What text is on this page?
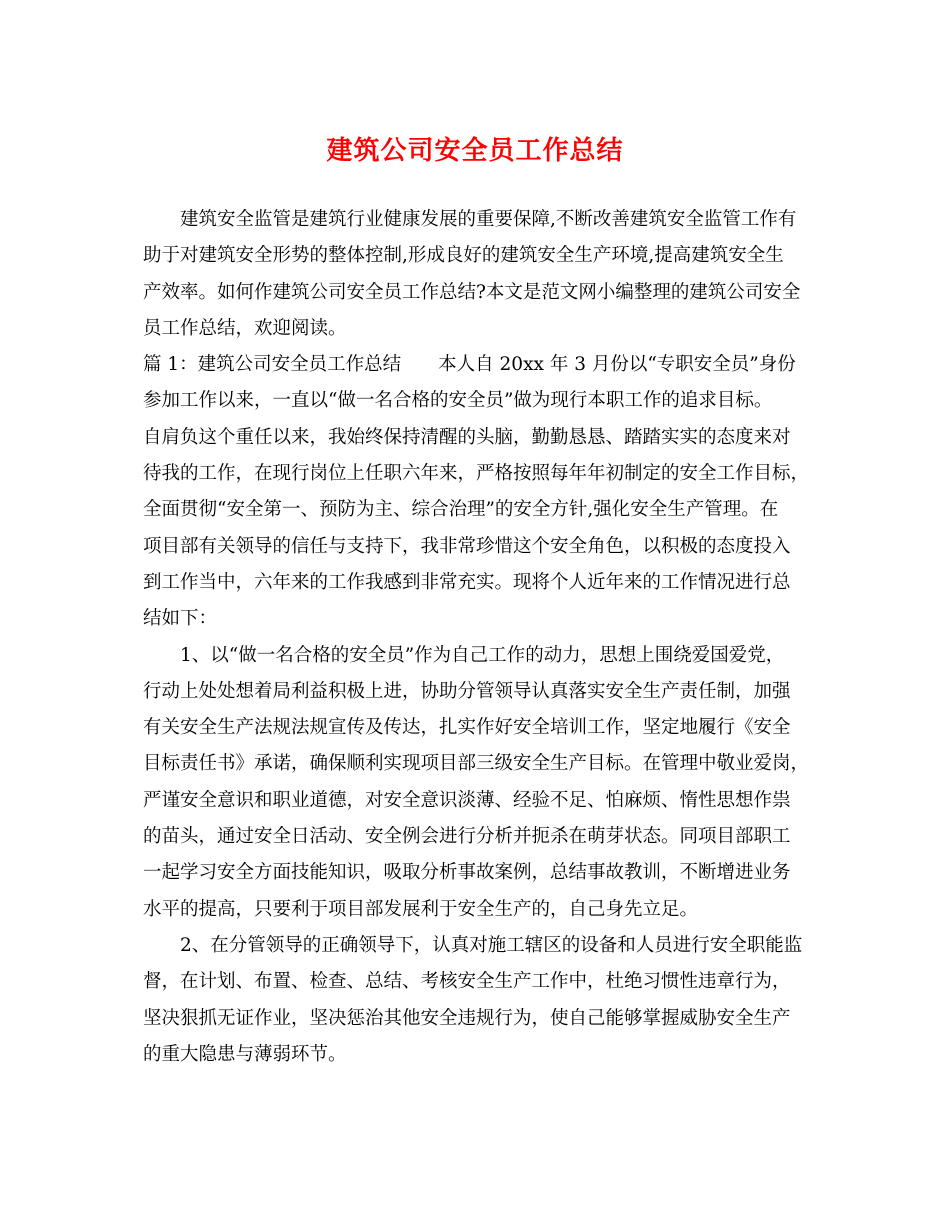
建筑公司安全员工作总结
　　建筑安全监管是建筑行业健康发展的重要保障,不断改善建筑安全监管工作有
助于对建筑安全形势的整体控制,形成良好的建筑安全生产环境,提高建筑安全生
产效率。如何作建筑公司安全员工作总结?本文是范文网小编整理的建筑公司安全
员工作总结，欢迎阅读。
篇 1：建筑公司安全员工作总结　　本人自 20xx 年 3 月份以“专职安全员”身份
参加工作以来，一直以“做一名合格的安全员”做为现行本职工作的追求目标。
自肩负这个重任以来，我始终保持清醒的头脑，勤勤恳恳、踏踏实实的态度来对
待我的工作，在现行岗位上任职六年来，严格按照每年年初制定的安全工作目标，
全面贯彻“安全第一、预防为主、综合治理”的安全方针,强化安全生产管理。在
项目部有关领导的信任与支持下，我非常珍惜这个安全角色，以积极的态度投入
到工作当中，六年来的工作我感到非常充实。现将个人近年来的工作情况进行总
结如下：
　　1、以“做一名合格的安全员”作为自己工作的动力，思想上围绕爱国爱党，
行动上处处想着局利益积极上进，协助分管领导认真落实安全生产责任制，加强
有关安全生产法规法规宣传及传达，扎实作好安全培训工作，坚定地履行《安全
目标责任书》承诺，确保顺利实现项目部三级安全生产目标。在管理中敬业爱岗，
严谨安全意识和职业道德，对安全意识淡薄、经验不足、怕麻烦、惰性思想作祟
的苗头，通过安全日活动、安全例会进行分析并扼杀在萌芽状态。同项目部职工
一起学习安全方面技能知识，吸取分析事故案例，总结事故教训，不断增进业务
水平的提高，只要利于项目部发展利于安全生产的，自己身先立足。
　　2、在分管领导的正确领导下，认真对施工辖区的设备和人员进行安全职能监
督，在计划、布置、检查、总结、考核安全生产工作中，杜绝习惯性违章行为，
坚决狠抓无证作业，坚决惩治其他安全违规行为，使自己能够掌握威胁安全生产
的重大隐患与薄弱环节。
